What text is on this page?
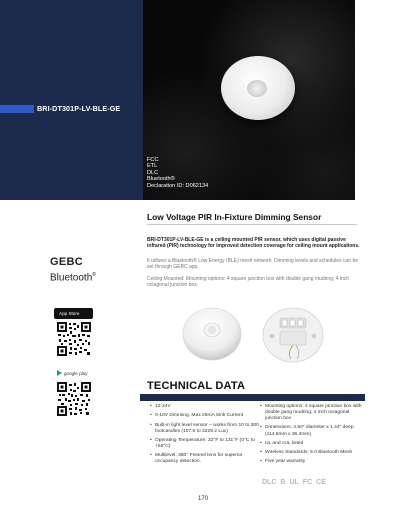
BRI-DT301P-LV-BLE-GE
FCC
ETL
DLC
Bluetooth®
Declaration ID: D062134
Low Voltage PIR In-Fixture Dimming Sensor

BRI-DT301P-LV-BLE-GE is a ceiling mounted PIR sensor, which uses digital passive infrared (PIR) technology for improved detection coverage for ceiling mount applications.

It utilizes a Bluetooth® Low Energy (BLE) mesh network. Dimming levels and schedules can be set through GEBC app.

Ceiling Mounted: Mounting options: 4 square junction box with double gang mudring; 4 inch octagonal junction box.

GEBC
Bluetooth®
App Store
google play
TECHNICAL DATA
• 12-24V
• 0-10V Dimming, Max 25mA Sink Current
• Built-in light level sensor – works from 10 to 300 footcandles (107.6 to 3229.2 Lux)
• Operating Temperature: 32°F to 131°F (0°C to +55°C)
• Multilevel, 360° Fresnel lens for superior occupancy detection.
• Mounting options: 4 square junction box with double gang mudring; 4 inch octagonal junction box
• Dimensions: 4.50" diameter x 1.44" deep (114.5mm x 36.4mm)
• UL and cUL listed
• Wireless Standards: 5.0 Bluetooth Mesh
• Five year warranty
DLC B UL FC CE
170
